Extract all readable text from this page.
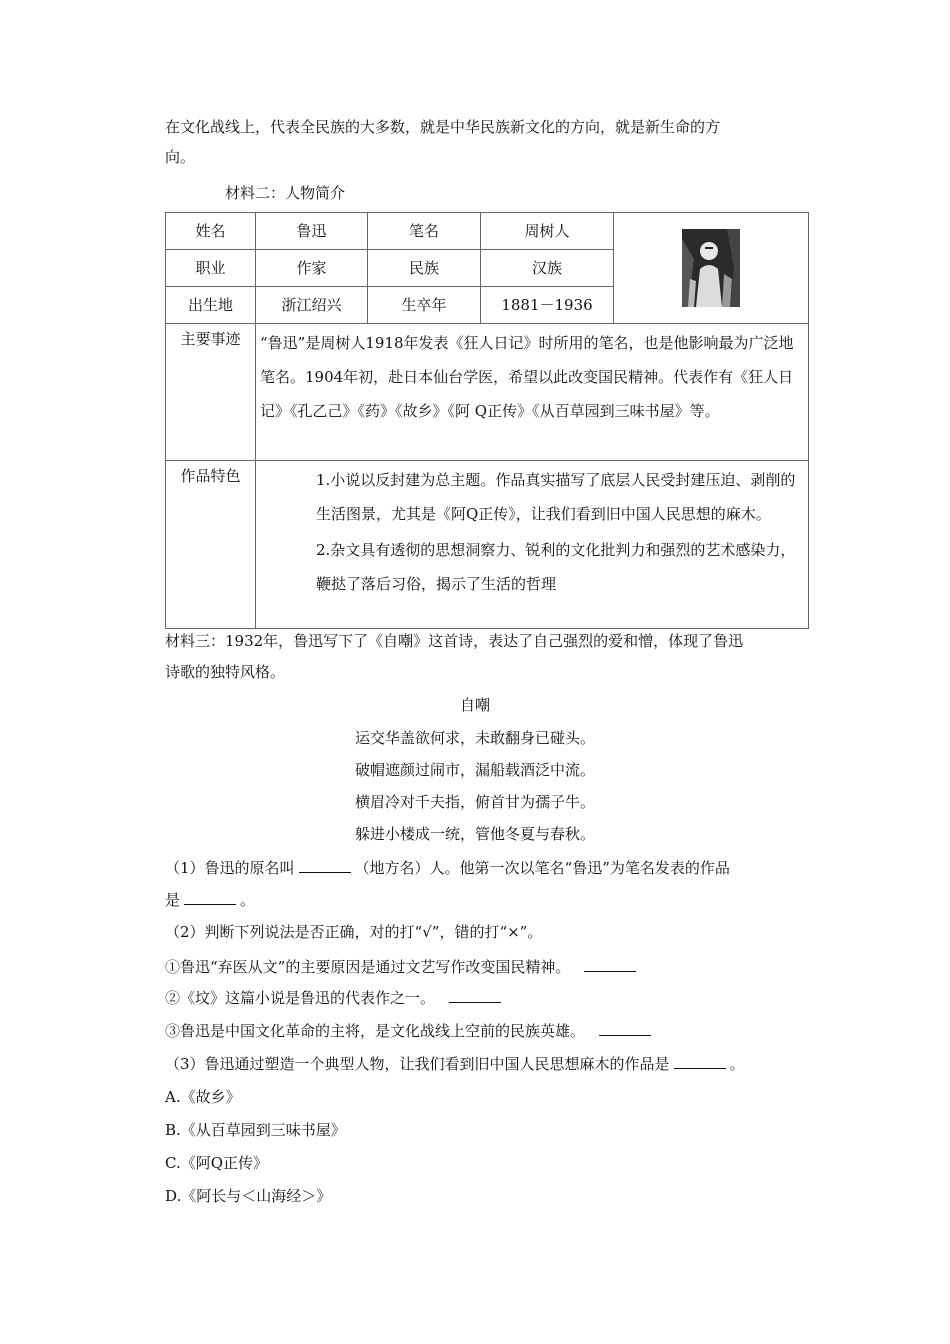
在文化战线上，代表全民族的大多数，就是中华民族新文化的方向，就是新生命的方
向。
材料二：人物简介
姓名	鲁迅	笔名	周树人	

职业	作家	民族	汉族	
出生地	浙江绍兴	生卒年	1881－1936	
主要事迹	“鲁迅”是周树人1918年发表《狂人日记》时所用的笔名，也是他影响最为广泛地笔名。1904年初，赴日本仙台学医，希望以此改变国民精神。代表作有《狂人日记》《孔乙己》《药》《故乡》《阿 Q正传》《从百草园到三味书屋》等。			

作品特色	1.小说以反封建为总主题。作品真实描写了底层人民受封建压迫、剥削的生活图景，尤其是《阿Q正传》，让我们看到旧中国人民思想的麻木。
2.杂文具有透彻的思想洞察力、锐利的文化批判力和强烈的艺术感染力，鞭挞了落后习俗，揭示了生活的哲理			
材料三：1932年，鲁迅写下了《自嘲》这首诗，表达了自己强烈的爱和憎，体现了鲁迅
诗歌的独特风格。
自嘲
运交华盖欲何求，未敢翻身已碰头。
破帽遮颜过闹市，漏船载酒泛中流。
横眉冷对千夫指，俯首甘为孺子牛。
躲进小楼成一统，管他冬夏与春秋。
（1）鲁迅的原名叫	（地方名）人。他第一次以笔名“鲁迅”为笔名发表的作品
是	。
（2）判断下列说法是否正确，对的打“√”，错的打“×”。
①鲁迅“弃医从文”的主要原因是通过文艺写作改变国民精神。
②《坟》这篇小说是鲁迅的代表作之一。
③鲁迅是中国文化革命的主将，是文化战线上空前的民族英雄。
（3）鲁迅通过塑造一个典型人物，让我们看到旧中国人民思想麻木的作品是	。
A.《故乡》
B.《从百草园到三味书屋》
C.《阿Q正传》
D.《阿长与＜山海经＞》
